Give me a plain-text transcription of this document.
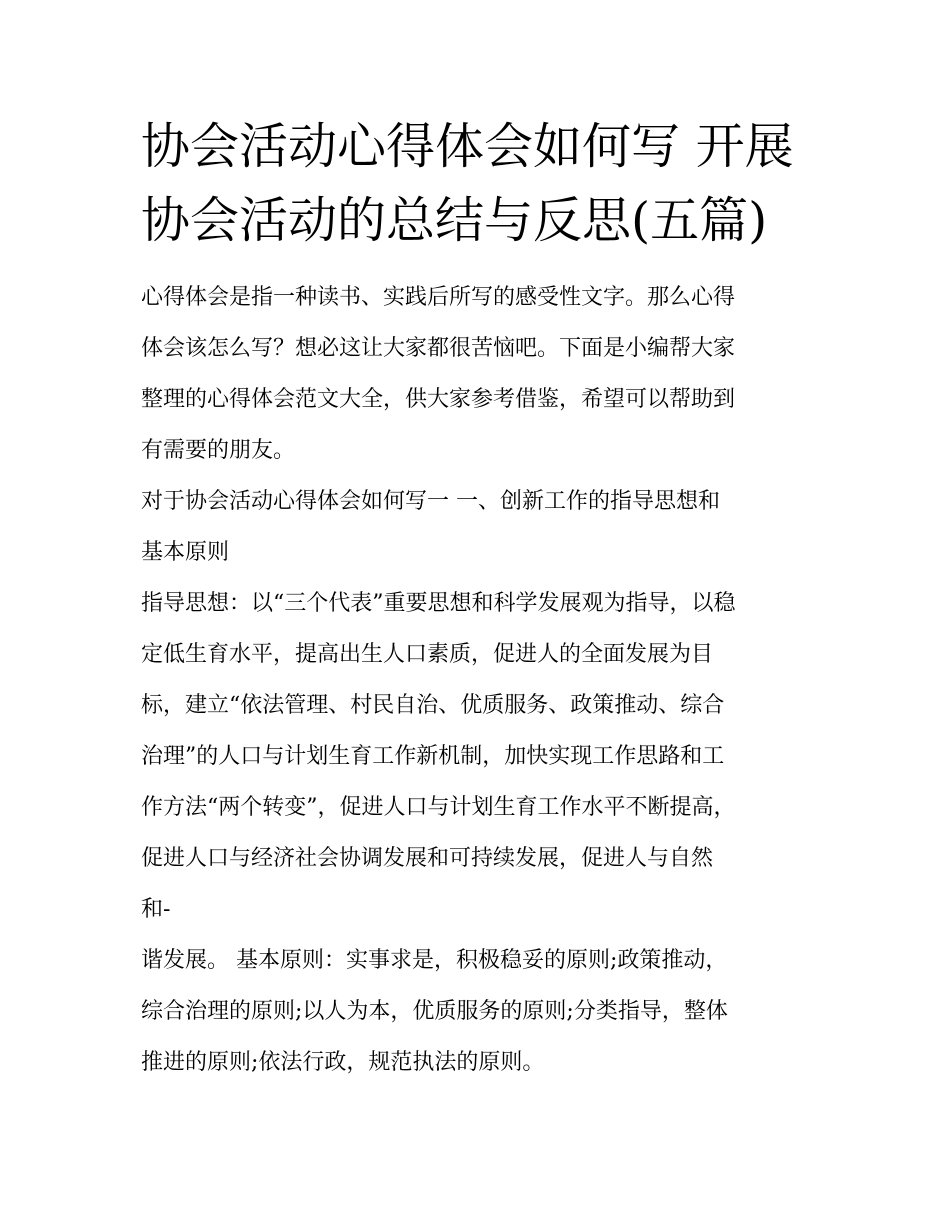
协会活动心得体会如何写 开展
协会活动的总结与反思(五篇)
心得体会是指一种读书、实践后所写的感受性文字。那么心得
体会该怎么写？想必这让大家都很苦恼吧。下面是小编帮大家
整理的心得体会范文大全，供大家参考借鉴，希望可以帮助到
有需要的朋友。
对于协会活动心得体会如何写一 一、创新工作的指导思想和
基本原则
指导思想：以“三个代表”重要思想和科学发展观为指导，以稳
定低生育水平，提高出生人口素质，促进人的全面发展为目
标，建立“依法管理、村民自治、优质服务、政策推动、综合
治理”的人口与计划生育工作新机制，加快实现工作思路和工
作方法“两个转变”，促进人口与计划生育工作水平不断提高，
促进人口与经济社会协调发展和可持续发展，促进人与自然
和-
谐发展。 基本原则：实事求是，积极稳妥的原则;政策推动，
综合治理的原则;以人为本，优质服务的原则;分类指导，整体
推进的原则;依法行政，规范执法的原则。
